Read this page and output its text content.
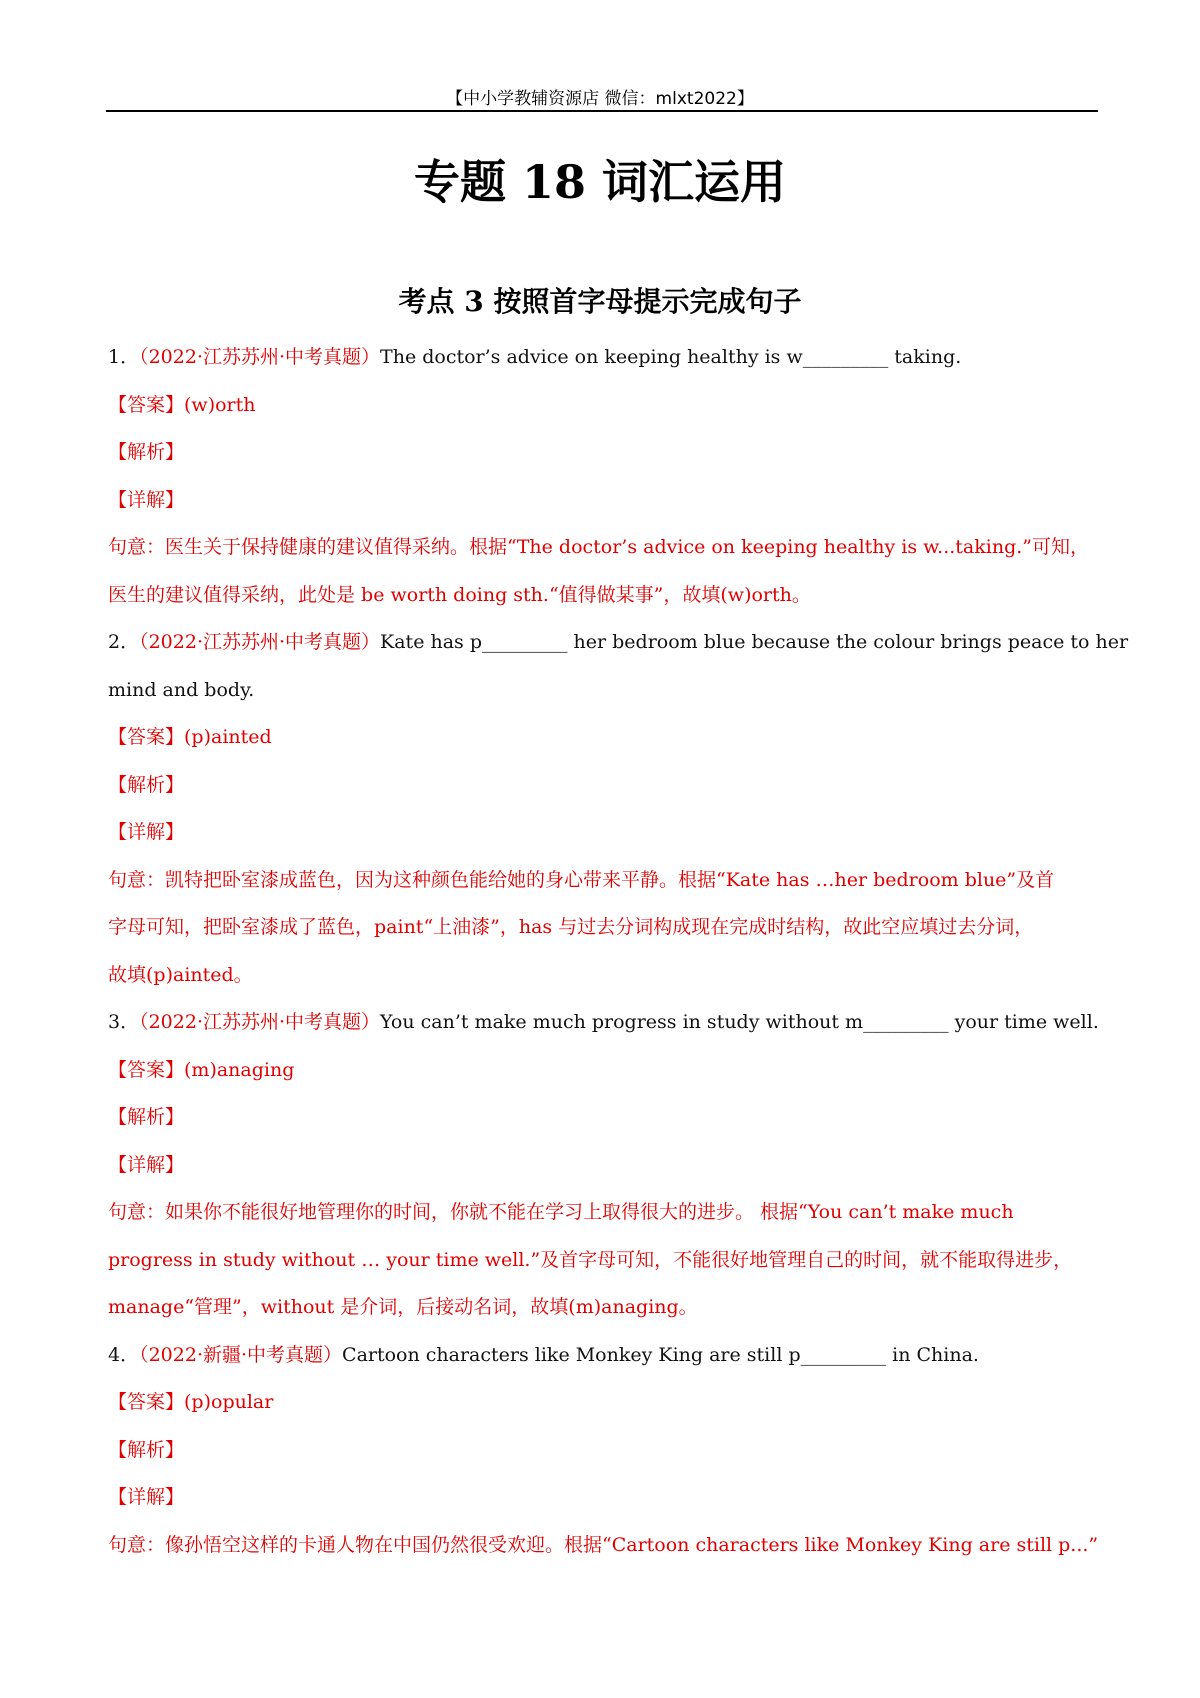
【中小学教辅资源店 微信：mlxt2022】
专题 18 词汇运用
考点 3 按照首字母提示完成句子
1．（2022·江苏苏州·中考真题）The doctor’s advice on keeping healthy is w_________ taking.
【答案】(w)orth
【解析】
【详解】
句意：医生关于保持健康的建议值得采纳。根据“The doctor’s advice on keeping healthy is w...taking.”可知，
医生的建议值得采纳，此处是 be worth doing sth.“值得做某事”，故填(w)orth。
2．（2022·江苏苏州·中考真题）Kate has p_________ her bedroom blue because the colour brings peace to her
mind and body.
【答案】(p)ainted
【解析】
【详解】
句意：凯特把卧室漆成蓝色，因为这种颜色能给她的身心带来平静。根据“Kate has …her bedroom blue”及首
字母可知，把卧室漆成了蓝色，paint“上油漆”，has 与过去分词构成现在完成时结构，故此空应填过去分词，
故填(p)ainted。
3．（2022·江苏苏州·中考真题）You can’t make much progress in study without m_________ your time well.
【答案】(m)anaging
【解析】
【详解】
句意：如果你不能很好地管理你的时间，你就不能在学习上取得很大的进步。 根据“You can’t make much
progress in study without … your time well.”及首字母可知，不能很好地管理自己的时间，就不能取得进步，
manage“管理”，without 是介词，后接动名词，故填(m)anaging。
4．（2022·新疆·中考真题）Cartoon characters like Monkey King are still p_________ in China.
【答案】(p)opular
【解析】
【详解】
句意：像孙悟空这样的卡通人物在中国仍然很受欢迎。根据“Cartoon characters like Monkey King are still p...”
